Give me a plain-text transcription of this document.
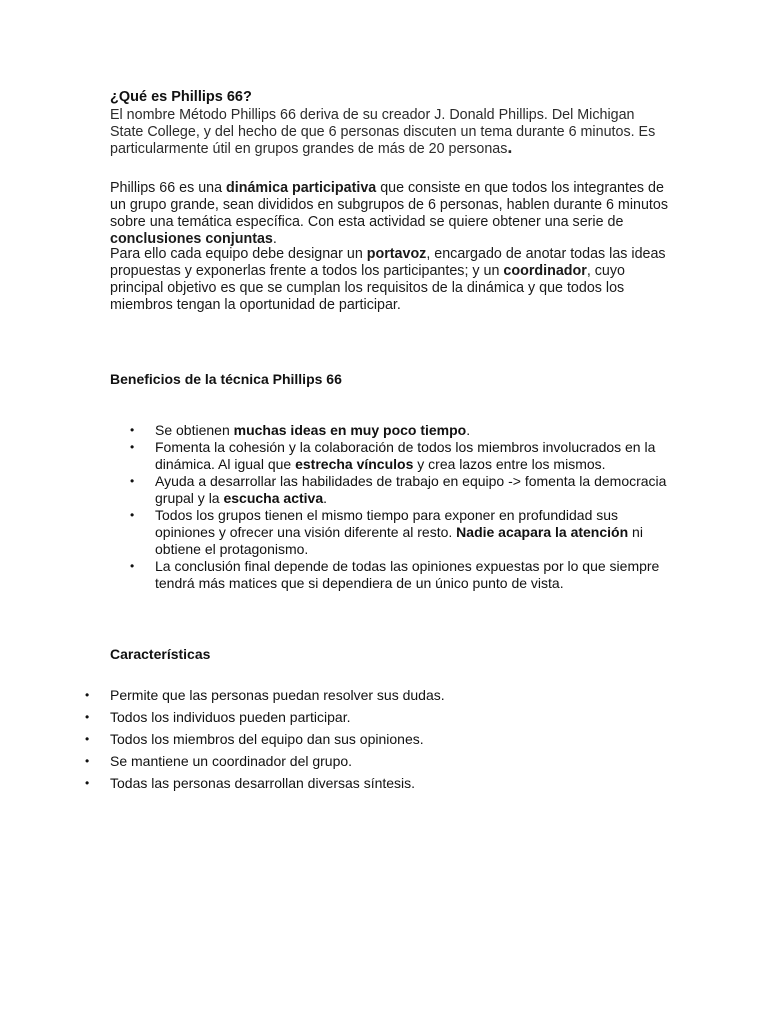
¿Qué es Phillips 66?

El nombre Método Phillips 66 deriva de su creador J. Donald Phillips. Del Michigan State College, y del hecho de que 6 personas discuten un tema durante 6 minutos. Es particularmente útil en grupos grandes de más de 20 personas.

Phillips 66 es una dinámica participativa que consiste en que todos los integrantes de un grupo grande, sean divididos en subgrupos de 6 personas, hablen durante 6 minutos sobre una temática específica. Con esta actividad se quiere obtener una serie de conclusiones conjuntas.

Para ello cada equipo debe designar un portavoz, encargado de anotar todas las ideas propuestas y exponerlas frente a todos los participantes; y un coordinador, cuyo principal objetivo es que se cumplan los requisitos de la dinámica y que todos los miembros tengan la oportunidad de participar.

Beneficios de la técnica Phillips 66
• Se obtienen muchas ideas en muy poco tiempo.
• Fomenta la cohesión y la colaboración de todos los miembros involucrados en la dinámica. Al igual que estrecha vínculos y crea lazos entre los mismos.
• Ayuda a desarrollar las habilidades de trabajo en equipo -> fomenta la democracia grupal y la escucha activa.
• Todos los grupos tienen el mismo tiempo para exponer en profundidad sus opiniones y ofrecer una visión diferente al resto. Nadie acapara la atención ni obtiene el protagonismo.
• La conclusión final depende de todas las opiniones expuestas por lo que siempre tendrá más matices que si dependiera de un único punto de vista.
Características
• Permite que las personas puedan resolver sus dudas.
• Todos los individuos pueden participar.
• Todos los miembros del equipo dan sus opiniones.
• Se mantiene un coordinador del grupo.
• Todas las personas desarrollan diversas síntesis.
